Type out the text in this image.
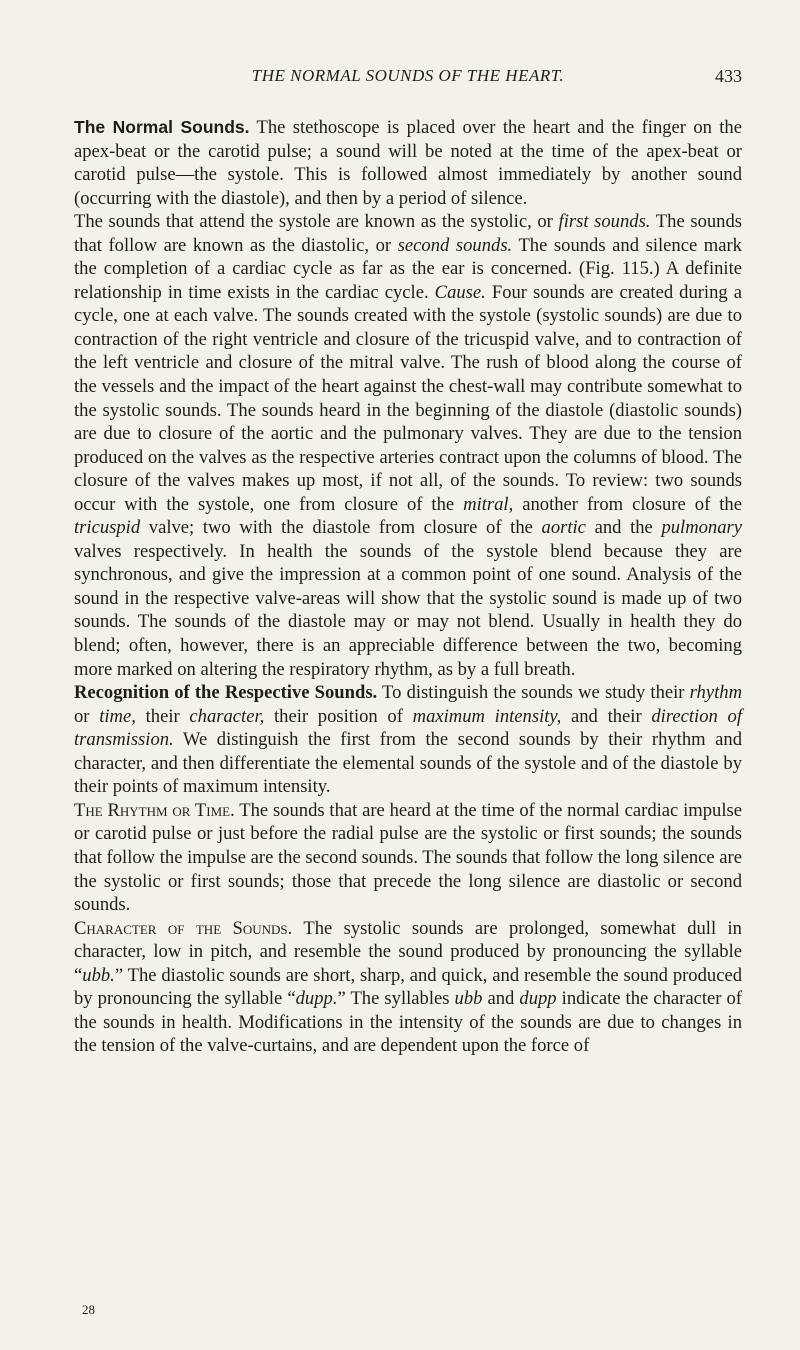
THE NORMAL SOUNDS OF THE HEART.	433

The Normal Sounds. The stethoscope is placed over the heart and the finger on the apex-beat or the carotid pulse; a sound will be noted at the time of the apex-beat or carotid pulse—the systole. This is followed almost immediately by another sound (occurring with the diastole), and then by a period of silence.

The sounds that attend the systole are known as the systolic, or first sounds. The sounds that follow are known as the diastolic, or second sounds. The sounds and silence mark the completion of a cardiac cycle as far as the ear is concerned. (Fig. 115.) A definite relationship in time exists in the cardiac cycle. Cause. Four sounds are created during a cycle, one at each valve. The sounds created with the systole (systolic sounds) are due to contraction of the right ventricle and closure of the tricuspid valve, and to contraction of the left ventricle and closure of the mitral valve. The rush of blood along the course of the vessels and the impact of the heart against the chest-wall may contribute somewhat to the systolic sounds. The sounds heard in the beginning of the diastole (diastolic sounds) are due to closure of the aortic and the pulmonary valves. They are due to the tension produced on the valves as the respective arteries contract upon the columns of blood. The closure of the valves makes up most, if not all, of the sounds. To review: two sounds occur with the systole, one from closure of the mitral, another from closure of the tricuspid valve; two with the diastole from closure of the aortic and the pulmonary valves respectively. In health the sounds of the systole blend because they are synchronous, and give the impression at a common point of one sound. Analysis of the sound in the respective valve-areas will show that the systolic sound is made up of two sounds. The sounds of the diastole may or may not blend. Usually in health they do blend; often, however, there is an appreciable difference between the two, becoming more marked on altering the respiratory rhythm, as by a full breath.

Recognition of the Respective Sounds. To distinguish the sounds we study their rhythm or time, their character, their position of maximum intensity, and their direction of transmission. We distinguish the first from the second sounds by their rhythm and character, and then differentiate the elemental sounds of the systole and of the diastole by their points of maximum intensity.

The Rhythm or Time. The sounds that are heard at the time of the normal cardiac impulse or carotid pulse or just before the radial pulse are the systolic or first sounds; the sounds that follow the impulse are the second sounds. The sounds that follow the long silence are the systolic or first sounds; those that precede the long silence are diastolic or second sounds.

Character of the Sounds. The systolic sounds are prolonged, somewhat dull in character, low in pitch, and resemble the sound produced by pronouncing the syllable “ubb.” The diastolic sounds are short, sharp, and quick, and resemble the sound produced by pronouncing the syllable “dupp.” The syllables ubb and dupp indicate the character of the sounds in health. Modifications in the intensity of the sounds are due to changes in the tension of the valve-curtains, and are dependent upon the force of

28
